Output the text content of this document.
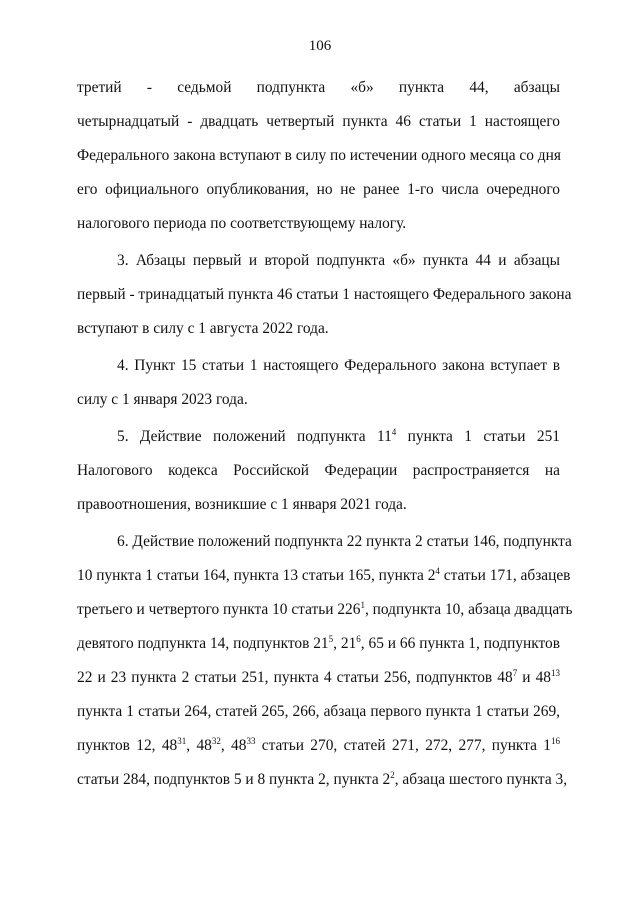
106
третий - седьмой подпункта «б» пункта 44, абзацы
четырнадцатый - двадцать четвертый пункта 46 статьи 1 настоящего
Федерального закона вступают в силу по истечении одного месяца со дня
его официального опубликования, но не ранее 1-го числа очередного
налогового периода по соответствующему налогу.
3. Абзацы первый и второй подпункта «б» пункта 44 и абзацы
первый - тринадцатый пункта 46 статьи 1 настоящего Федерального закона
вступают в силу с 1 августа 2022 года.
4. Пункт 15 статьи 1 настоящего Федерального закона вступает в
силу с 1 января 2023 года.
5. Действие положений подпункта $11^4$ пункта 1 статьи 251
Налогового кодекса Российской Федерации распространяется на
правоотношения, возникшие с 1 января 2021 года.
6. Действие положений подпункта 22 пункта 2 статьи 146, подпункта
10 пункта 1 статьи 164, пункта 13 статьи 165, пункта $2^4$ статьи 171, абзацев
третьего и четвертого пункта 10 статьи $226^1$, подпункта 10, абзаца двадцать
девятого подпункта 14, подпунктов $21^5$, $21^6$, 65 и 66 пункта 1, подпунктов
22 и 23 пункта 2 статьи 251, пункта 4 статьи 256, подпунктов $48^7$ и $48^{13}$
пункта 1 статьи 264, статей 265, 266, абзаца первого пункта 1 статьи 269,
пунктов 12, $48^{31}$, $48^{32}$, $48^{33}$ статьи 270, статей 271, 272, 277, пункта $1^{16}$
статьи 284, подпунктов 5 и 8 пункта 2, пункта $2^2$, абзаца шестого пункта 3,
